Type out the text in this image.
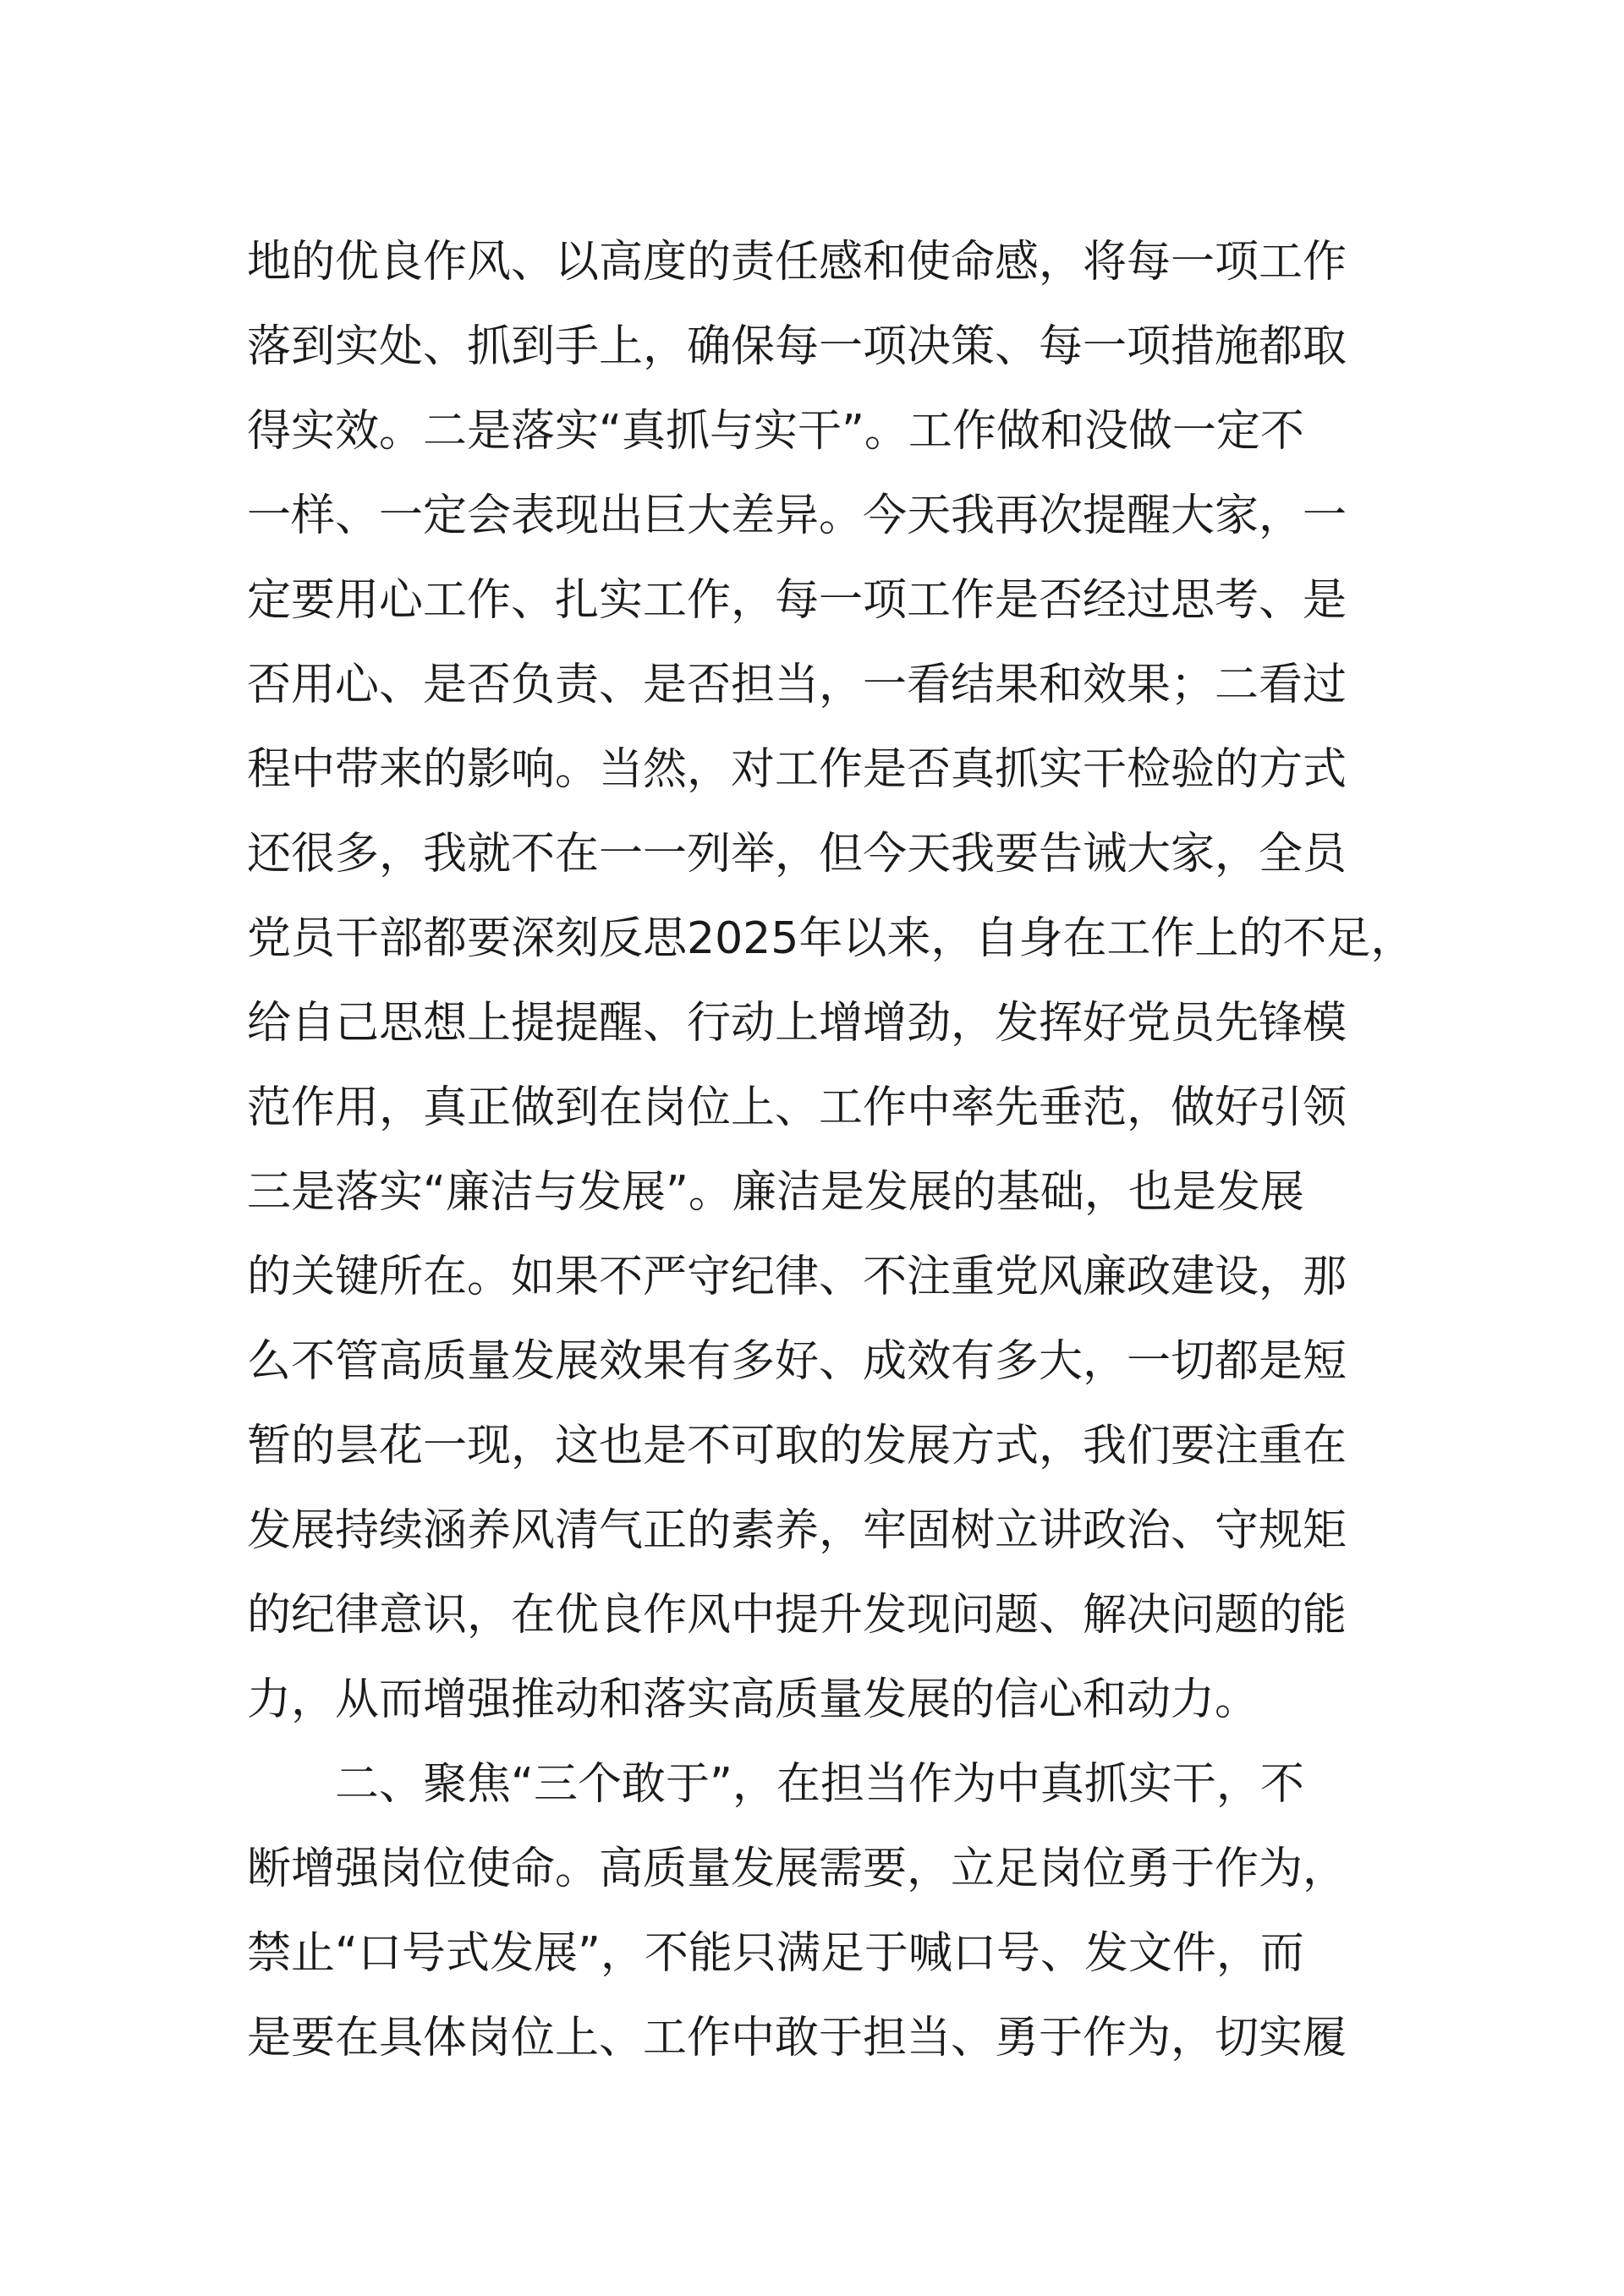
地的优良作风、以高度的责任感和使命感，将每一项工作
落到实处、抓到手上，确保每一项决策、每一项措施都取
得实效。二是落实“真抓与实干”。工作做和没做一定不
一样、一定会表现出巨大差异。今天我再次提醒大家，一
定要用心工作、扎实工作，每一项工作是否经过思考、是
否用心、是否负责、是否担当，一看结果和效果；二看过
程中带来的影响。当然，对工作是否真抓实干检验的方式
还很多，我就不在一一列举，但今天我要告诫大家，全员
党员干部都要深刻反思2025年以来，自身在工作上的不足，
给自己思想上提提醒、行动上增增劲，发挥好党员先锋模
范作用，真正做到在岗位上、工作中率先垂范，做好引领
三是落实“廉洁与发展”。廉洁是发展的基础，也是发展
的关键所在。如果不严守纪律、不注重党风廉政建设，那
么不管高质量发展效果有多好、成效有多大，一切都是短
暂的昙花一现，这也是不可取的发展方式，我们要注重在
发展持续涵养风清气正的素养，牢固树立讲政治、守规矩
的纪律意识，在优良作风中提升发现问题、解决问题的能
力，从而增强推动和落实高质量发展的信心和动力。
二、聚焦“三个敢于”，在担当作为中真抓实干，不
断增强岗位使命。高质量发展需要，立足岗位勇于作为，
禁止“口号式发展”，不能只满足于喊口号、发文件，而
是要在具体岗位上、工作中敢于担当、勇于作为，切实履
